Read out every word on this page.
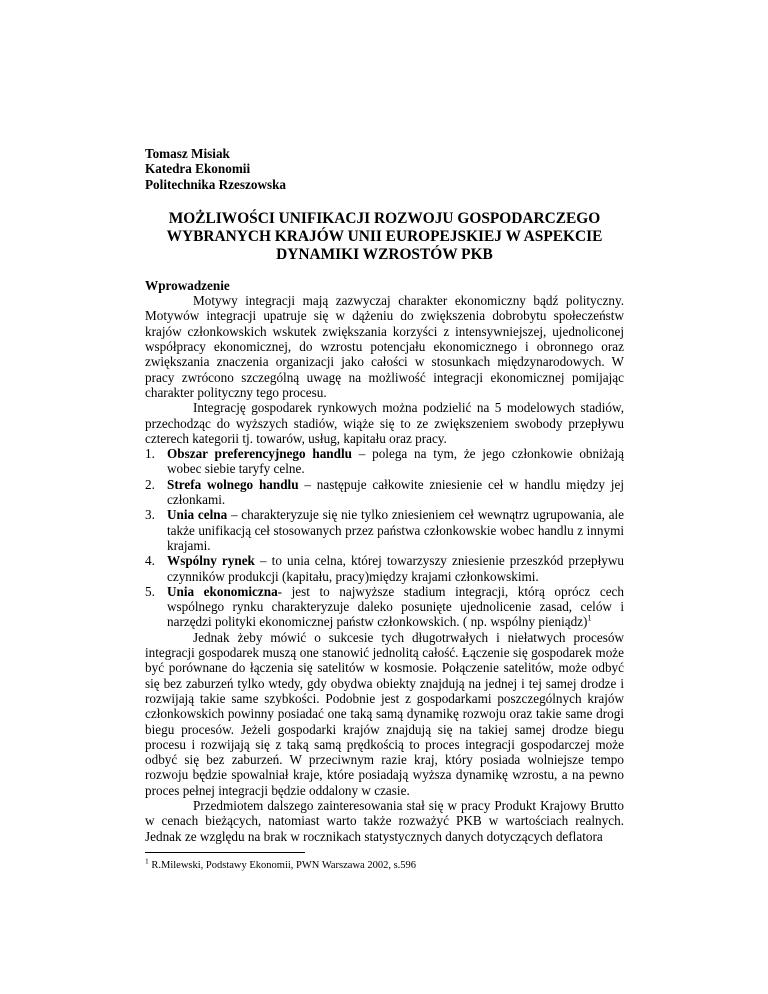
Tomasz Misiak
Katedra Ekonomii
Politechnika Rzeszowska
MOŻLIWOŚCI UNIFIKACJI ROZWOJU GOSPODARCZEGO
WYBRANYCH KRAJÓW UNII EUROPEJSKIEJ W ASPEKCIE
DYNAMIKI WZROSTÓW PKB
Wprowadzenie

Motywy integracji mają zazwyczaj charakter ekonomiczny bądź polityczny. Motywów integracji upatruje się w dążeniu do zwiększenia dobrobytu społeczeństw krajów członkowskich wskutek zwiększania korzyści z intensywniejszej, ujednoliconej współpracy ekonomicznej, do wzrostu potencjału ekonomicznego i obronnego oraz zwiększania znaczenia organizacji jako całości w stosunkach międzynarodowych. W pracy zwrócono szczególną uwagę na możliwość integracji ekonomicznej pomijając charakter polityczny tego procesu.

Integrację gospodarek rynkowych można podzielić na 5 modelowych stadiów, przechodząc do wyższych stadiów, wiąże się to ze zwiększeniem swobody przepływu czterech kategorii tj. towarów, usług, kapitału oraz pracy.

1. Obszar preferencyjnego handlu – polega na tym, że jego członkowie obniżają wobec siebie taryfy celne.
2. Strefa wolnego handlu – następuje całkowite zniesienie ceł w handlu między jej członkami.
3. Unia celna – charakteryzuje się nie tylko zniesieniem ceł wewnątrz ugrupowania, ale także unifikacją ceł stosowanych przez państwa członkowskie wobec handlu z innymi krajami.
4. Wspólny rynek – to unia celna, której towarzyszy zniesienie przeszkód przepływu czynników produkcji (kapitału, pracy)między krajami członkowskimi.
5. Unia ekonomiczna- jest to najwyższe stadium integracji, którą oprócz cech wspólnego rynku charakteryzuje daleko posunięte ujednolicenie zasad, celów i narzędzi polityki ekonomicznej państw członkowskich. ( np. wspólny pieniądz)$^1$

Jednak żeby mówić o sukcesie tych długotrwałych i niełatwych procesów integracji gospodarek muszą one stanowić jednolitą całość. Łączenie się gospodarek może być porównane do łączenia się satelitów w kosmosie. Połączenie satelitów, może odbyć się bez zaburzeń tylko wtedy, gdy obydwa obiekty znajdują na jednej i tej samej drodze i rozwijają takie same szybkości. Podobnie jest z gospodarkami poszczególnych krajów członkowskich powinny posiadać one taką samą dynamikę rozwoju oraz takie same drogi biegu procesów. Jeżeli gospodarki krajów znajdują się na takiej samej drodze biegu procesu i rozwijają się z taką samą prędkością to proces integracji gospodarczej może odbyć się bez zaburzeń. W przeciwnym razie kraj, który posiada wolniejsze tempo rozwoju będzie spowalniał kraje, które posiadają wyższa dynamikę wzrostu, a na pewno proces pełnej integracji będzie oddalony w czasie.

Przedmiotem dalszego zainteresowania stał się w pracy Produkt Krajowy Brutto w cenach bieżących, natomiast warto także rozważyć PKB w wartościach realnych. Jednak ze względu na brak w rocznikach statystycznych danych dotyczących deflatora

$^1$ R.Milewski, Podstawy Ekonomii, PWN Warszawa 2002, s.596
